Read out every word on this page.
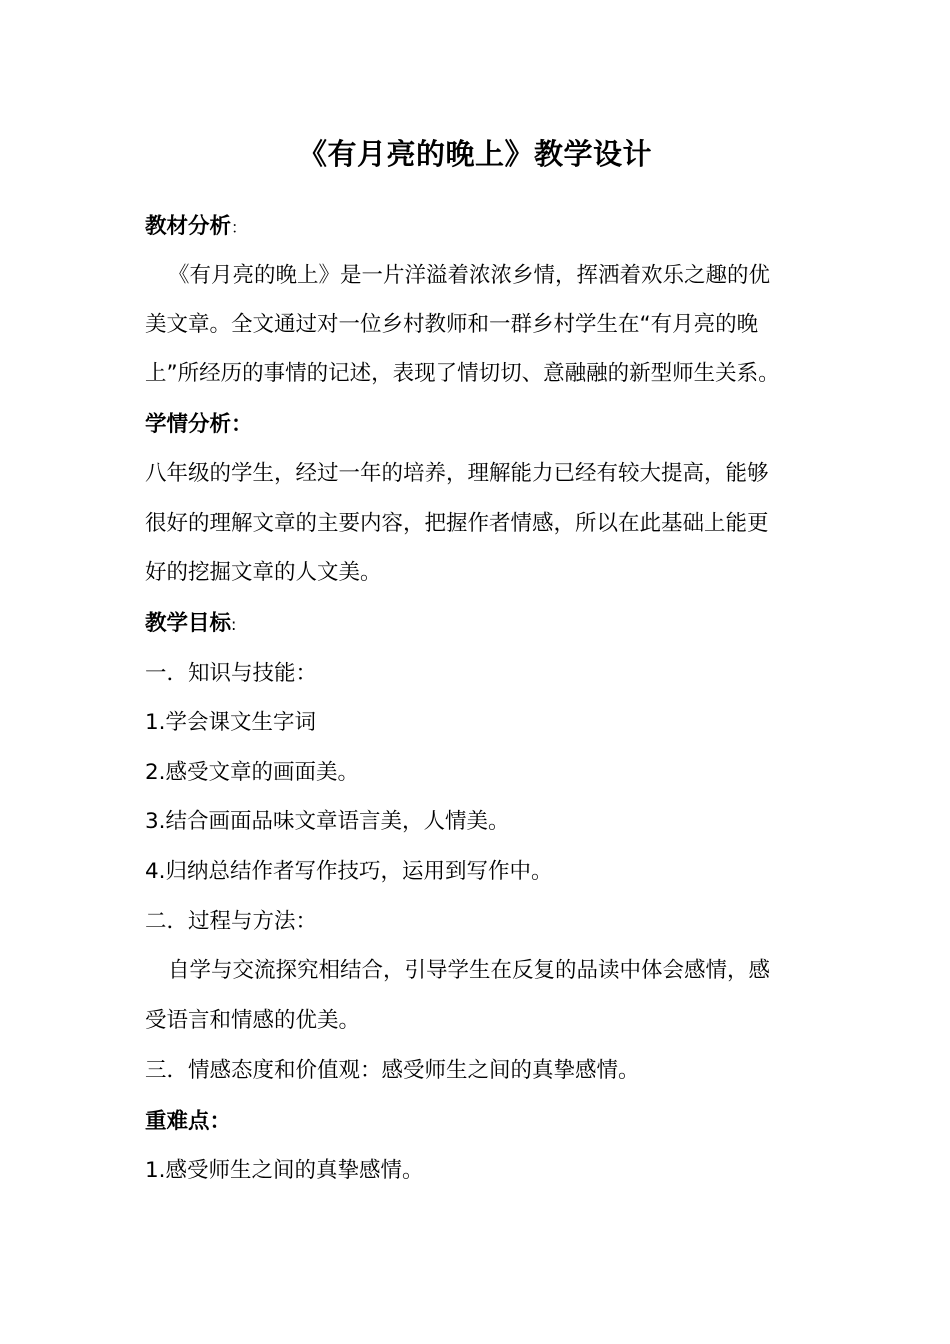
《有月亮的晚上》教学设计
教材分析：
《有月亮的晚上》是一片洋溢着浓浓乡情，挥洒着欢乐之趣的优
美文章。全文通过对一位乡村教师和一群乡村学生在“有月亮的晚
上”所经历的事情的记述，表现了情切切、意融融的新型师生关系。
学情分析：
八年级的学生，经过一年的培养，理解能力已经有较大提高，能够
很好的理解文章的主要内容，把握作者情感，所以在此基础上能更
好的挖掘文章的人文美。
教学目标:
一．知识与技能：
1.学会课文生字词
2.感受文章的画面美。
3.结合画面品味文章语言美，人情美。
4.归纳总结作者写作技巧，运用到写作中。
二．过程与方法：
自学与交流探究相结合，引导学生在反复的品读中体会感情，感
受语言和情感的优美。
三．情感态度和价值观：感受师生之间的真挚感情。
重难点：
1.感受师生之间的真挚感情。
